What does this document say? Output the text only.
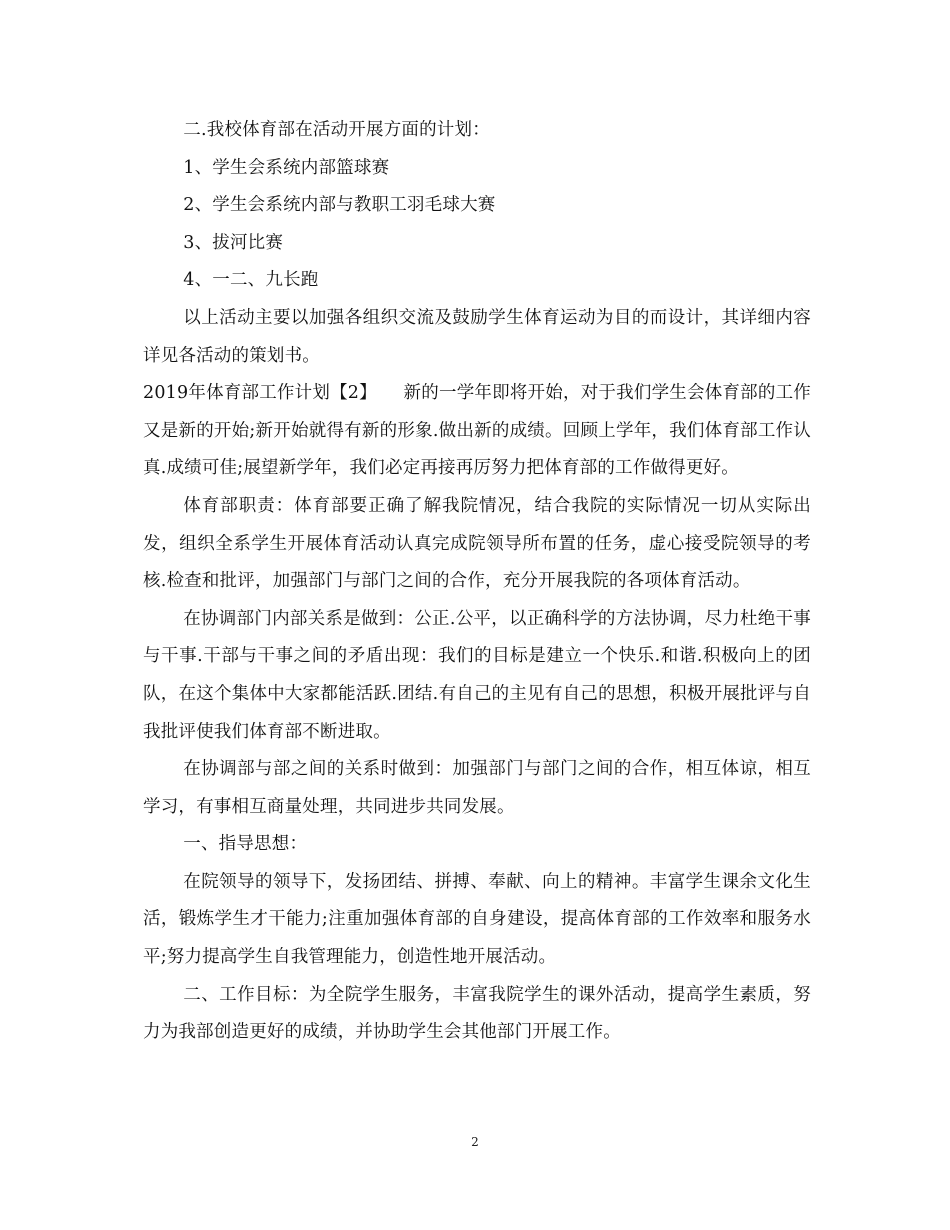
二.我校体育部在活动开展方面的计划：

1、学生会系统内部篮球赛

2、学生会系统内部与教职工羽毛球大赛

3、拔河比赛

4、一二、九长跑

以上活动主要以加强各组织交流及鼓励学生体育运动为目的而设计，其详细内容详见各活动的策划书。

2019年体育部工作计划【2】　　新的一学年即将开始，对于我们学生会体育部的工作又是新的开始;新开始就得有新的形象.做出新的成绩。回顾上学年，我们体育部工作认真.成绩可佳;展望新学年，我们必定再接再厉努力把体育部的工作做得更好。

体育部职责：体育部要正确了解我院情况，结合我院的实际情况一切从实际出发，组织全系学生开展体育活动认真完成院领导所布置的任务，虚心接受院领导的考核.检查和批评，加强部门与部门之间的合作，充分开展我院的各项体育活动。

在协调部门内部关系是做到：公正.公平，以正确科学的方法协调，尽力杜绝干事与干事.干部与干事之间的矛盾出现：我们的目标是建立一个快乐.和谐.积极向上的团队，在这个集体中大家都能活跃.团结.有自己的主见有自己的思想，积极开展批评与自我批评使我们体育部不断进取。

在协调部与部之间的关系时做到：加强部门与部门之间的合作，相互体谅，相互学习，有事相互商量处理，共同进步共同发展。

一、指导思想：

在院领导的领导下，发扬团结、拼搏、奉献、向上的精神。丰富学生课余文化生活，锻炼学生才干能力;注重加强体育部的自身建设，提高体育部的工作效率和服务水平;努力提高学生自我管理能力，创造性地开展活动。

二、工作目标：为全院学生服务，丰富我院学生的课外活动，提高学生素质，努力为我部创造更好的成绩，并协助学生会其他部门开展工作。

2
